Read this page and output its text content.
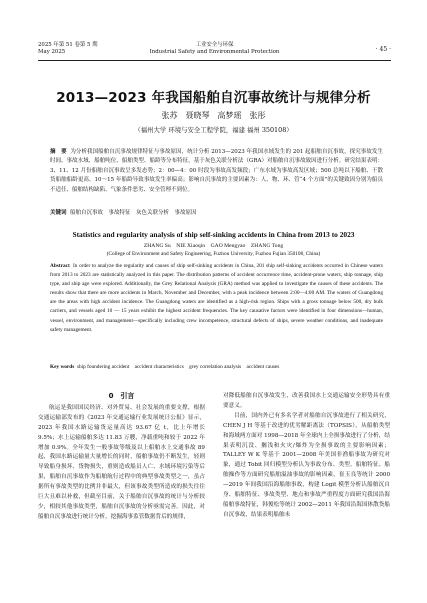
2025 年第 51 卷第 5 期
May 2025
工业安全与环保
Industrial Safety and Environmental Protection	· 45 ·
2013—2023 年我国船舶自沉事故统计与规律分析
张苏　聂晓琴　高梦瑶　张彤
（福州大学 环境与安全工程学院，福建 福州 350108）
摘　要 为分析我国船舶自沉事故规律特征与事故原因，统计分析 2013—2023 年我国水域发生的 201 起船舶自沉事故，探究事故发生时间、事故水域、船舶吨位、船舶类型、船龄等分布特征，基于灰色关联分析法（GRA）对船舶自沉事故致因进行分析。研究结果表明：3、11、12 月份船舶自沉事故呈多发态势；2：00—4：00 时段为事故高发频段；广东水域为事故高发区域；500 总吨以下船舶、干散货船舶船龄更高、10～15 年船龄导致事故发生率偏高；影响自沉事故的主要因素为：人、物、环、管“4 个方面”的关键致因分别为船员不适任、船舶结构缺陷、气象条件恶劣、安全管理不到位。
关键词 船舶自沉事故　事故特征　灰色关联分析　事故原因
Statistics and regularity analysis of ship self-sinking accidents in China from 2013 to 2023
ZHANG Su　NIE Xiaoqin　GAO Mengyao　ZHANG Tong
(College of Environment and Safety Engineering, Fuzhou University, Fuzhou Fujian 350108, China)
Abstract In order to analyze the regularity and causes of ship self-sinking accidents in China, 201 ship self-sinking accidents occurred in Chinese waters from 2013 to 2023 are statistically analyzed in this paper. The distribution patterns of accident occurrence time, accident-prone waters, ship tonnage, ship type, and ship age were explored. Additionally, the Grey Relational Analysis (GRA) method was applied to investigate the causes of these accidents. The results show that there are more accidents in March, November and December, with a peak incidence between 2:00—4:00 AM. The waters of Guangdong are the areas with high accident incidence. The Guangdong waters are identified as a high-risk region. Ships with a gross tonnage below 500, dry bulk carriers, and vessels aged 10 — 15 years exhibit the highest accident frequencies. The key causative factors were identified in four dimensions—human, vessel, environment, and management—specifically including crew incompetence, structural defects of ships, severe weather conditions, and inadequate safety management.
Key words ship foundering accident　accident characteristics　grey correlation analysis　accident causes
0　引言

航运是我国国民经济、对外贸易、社会发展的重要支撑，根据交通运输部发布的《2023 年交通运输行业发展统计公报》显示，2023 年我国水路运输货运量高达 93.67 亿 t，比上年增长 9.5%；水上运输船舶多达 11.83 万艘，净载重吨和较于 2022 年增加 0.9%。全年发生一般事故等级及以上船舶水上交通事故 89 起，我国水路运输量大量增长的同时，船舶事故仍不断发生，轻则导致船身损坏、货物损失，重则造成船员人亡、水域环境污染等后果，船舶自沉事故作为船舶航行过程中的典型事故类型之一，虽占据所有事故类型的比例并非最大，但该事故类型所造成的损失往往巨大且难以补救，但截至目前，关于船舶自沉事故的统计与分析较少，相较其他事故类型，船舶自沉事故的分析亟需完善。因此，对船舶自沉事故进行统计分析，挖掘海事监管数据背后的规律，

对降低船舶自沉事故发生，改善我国水上交通运输安全形势具有重要意义。

目前，国内外已有多名学者对船舶自沉事故进行了相关研究，CHEN J H 等基于改进的优劣解距离法（TOPSIS），从船舶类型和海域两方面对 1998—2018 年全球内上全损事故进行了分析，结果表明沉没、搁浅和火灾/爆炸为全损事故的主要影响因素；TALLEY W K 等基于 2001—2008 年美国非渔船事故为研究对象，通过 Tobit 回归模型分析认为事故分布、类型、船舶特征、船舶操作等方面研究船舶溢油事故的影响因素，崔玉良等统计 2000—2019 年间我国沿海船舶事故，构建 Logit 模型分析认船舶沉自身、船舶特征、事故类型、地点和事故严重程度方面研究我国沿海船舶事故特征，韩俊松等统计 2002—2011 年我国沿海国体散货船自沉事故，结果表明船舶未
